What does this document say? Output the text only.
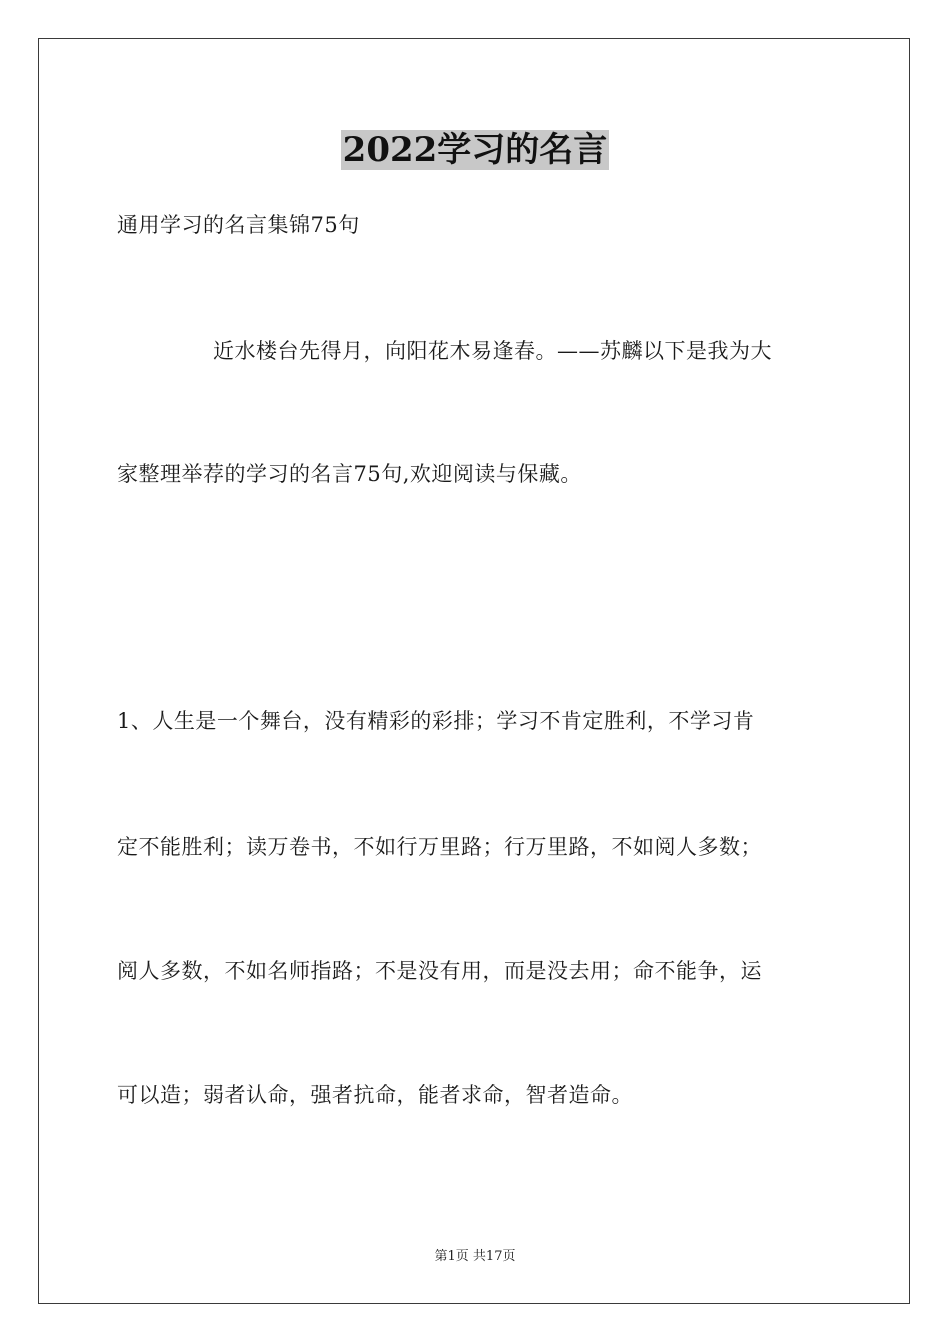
2022学习的名言
通用学习的名言集锦75句
近水楼台先得月，向阳花木易逢春。——苏麟以下是我为大
家整理举荐的学习的名言75句,欢迎阅读与保藏。
1、人生是一个舞台，没有精彩的彩排；学习不肯定胜利，不学习肯
定不能胜利；读万卷书，不如行万里路；行万里路，不如阅人多数；
阅人多数，不如名师指路；不是没有用，而是没去用；命不能争，运
可以造；弱者认命，强者抗命，能者求命，智者造命。
第1页 共17页
